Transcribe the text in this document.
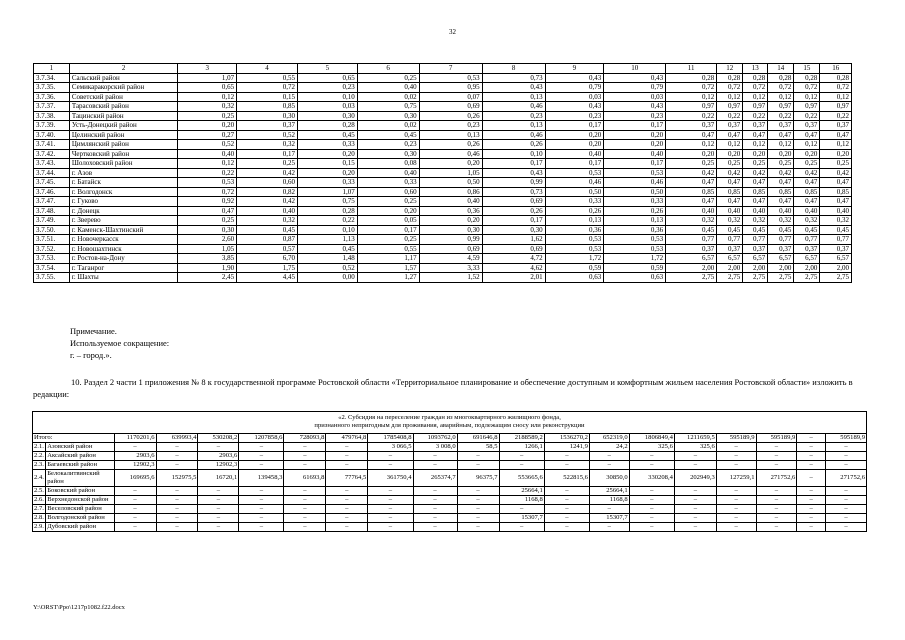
32
1	2	3	4	5	6	7	8	9	10	11	12	13	14	15	16
3.7.34.	Сальский район	1,07	0,55	0,65	0,25	0,53	0,73	0,43	0,43	0,28	0,28	0,28	0,28	0,28	0,28
3.7.35.	Семикаракорский район	0,65	0,72	0,23	0,40	0,95	0,43	0,79	0,79	0,72	0,72	0,72	0,72	0,72	0,72
3.7.36.	Советский район	0,12	0,15	0,10	0,02	0,07	0,13	0,03	0,03	0,12	0,12	0,12	0,12	0,12	0,12
3.7.37.	Тарасовский район	0,32	0,85	0,03	0,75	0,69	0,46	0,43	0,43	0,97	0,97	0,97	0,97	0,97	0,97
3.7.38.	Тацинский район	0,25	0,30	0,30	0,30	0,26	0,23	0,23	0,23	0,22	0,22	0,22	0,22	0,22	0,22
3.7.39.	Усть-Донецкий район	0,20	0,37	0,28	0,02	0,23	0,13	0,17	0,17	0,37	0,37	0,37	0,37	0,37	0,37
3.7.40.	Целинский район	0,27	0,52	0,45	0,45	0,13	0,46	0,20	0,20	0,47	0,47	0,47	0,47	0,47	0,47
3.7.41.	Цимлянский район	0,52	0,32	0,33	0,23	0,26	0,26	0,20	0,20	0,12	0,12	0,12	0,12	0,12	0,12
3.7.42.	Чертковский район	0,40	0,17	0,20	0,30	0,46	0,10	0,40	0,40	0,20	0,20	0,20	0,20	0,20	0,20
3.7.43.	Шолоховский район	0,12	0,25	0,15	0,08	0,20	0,17	0,17	0,17	0,25	0,25	0,25	0,25	0,25	0,25
3.7.44.	г. Азов	0,22	0,42	0,20	0,40	1,05	0,43	0,53	0,53	0,42	0,42	0,42	0,42	0,42	0,42
3.7.45.	г. Батайск	0,53	0,60	0,33	0,33	0,50	0,99	0,46	0,46	0,47	0,47	0,47	0,47	0,47	0,47
3.7.46.	г. Волгодонск	0,72	0,82	1,07	0,60	0,86	0,73	0,50	0,50	0,85	0,85	0,85	0,85	0,85	0,85
3.7.47.	г. Гуково	0,92	0,42	0,75	0,25	0,40	0,69	0,33	0,33	0,47	0,47	0,47	0,47	0,47	0,47
3.7.48.	г. Донецк	0,47	0,40	0,28	0,20	0,36	0,26	0,26	0,26	0,40	0,40	0,40	0,40	0,40	0,40
3.7.49.	г. Зверево	0,25	0,32	0,22	0,05	0,20	0,17	0,13	0,13	0,32	0,32	0,32	0,32	0,32	0,32
3.7.50.	г. Каменск-Шахтинский	0,30	0,45	0,10	0,17	0,30	0,30	0,36	0,36	0,45	0,45	0,45	0,45	0,45	0,45
3.7.51.	г. Новочеркасск	2,60	0,87	1,13	0,25	0,99	1,62	0,53	0,53	0,77	0,77	0,77	0,77	0,77	0,77
3.7.52.	г. Новошахтинск	1,05	0,57	0,45	0,55	0,69	0,69	0,53	0,53	0,37	0,37	0,37	0,37	0,37	0,37
3.7.53.	г. Ростов-на-Дону	3,85	6,70	1,48	1,17	4,59	4,72	1,72	1,72	6,57	6,57	6,57	6,57	6,57	6,57
3.7.54.	г. Таганрог	1,90	1,75	0,52	1,57	3,33	4,62	0,59	0,59	2,00	2,00	2,00	2,00	2,00	2,00
3.7.55.	г. Шахты	2,45	4,45	0,00	1,27	1,52	2,01	0,63	0,63	2,75	2,75	2,75	2,75	2,75	2,75
Примечание.
Используемое сокращение:
г. – город.».
10. Раздел 2 части 1 приложения № 8 к государственной программе Ростовской области «Территориальное планирование и обеспечение доступным и комфортным жильем населения Ростовской области» изложить в редакции:
«2. Субсидия на переселение граждан из многоквартирного жилищного фонда,
признанного непригодным для проживания, аварийным, подлежащим сносу или реконструкции
Итого:		1170201,6	639993,4	530208,2	1207858,6	728093,8	479764,8	1785408,8	1093762,0	691646,8	2188589,2	1536270,2	652319,0	1806849,4	1211659,5	595189,9	595189,9	–	595189,9
2.1.	Азовский район	–	–	–	–	–	–	3 066,5	3 008,0	58,5	1266,1	1241,9	24,2	325,6	325,6	–	–	–	–
2.2.	Аксайский район	2903,6	–	2903,6	–	–	–	–	–	–	–	–	–	–	–	–	–	–	–
2.3.	Багаевский район	12902,3	–	12902,3	–	–	–	–	–	–	–	–	–	–	–	–	–	–	–
2.4.	Белокалитвинский район	169695,6	152975,5	16720,1	139458,3	61693,8	77764,5	361750,4	265374,7	96375,7	553665,6	522815,6	30850,0	330208,4	202949,3	127259,1	271752,6	–	271752,6
2.5.	Боковский район	–	–	–	–	–	–	–	–	–	25664,1	–	25664,1	–	–	–	–	–	–
2.6.	Верхнедонской район	–	–	–	–	–	–	–	–	–	1168,8	–	1168,8	–	–	–	–	–	–
2.7.	Веселовский район	–	–	–	–	–	–	–	–	–	–	–	–	–	–	–	–	–	–
2.8.	Волгодонской район	–	–	–	–	–	–	–	–	–	15307,7	–	15307,7	–	–	–	–	–	–
2.9.	Дубовский район	–	–	–	–	–	–	–	–	–	–	–	–	–	–	–	–	–	–
Y:\ORST\Ppo\1217p1082.f22.docx
